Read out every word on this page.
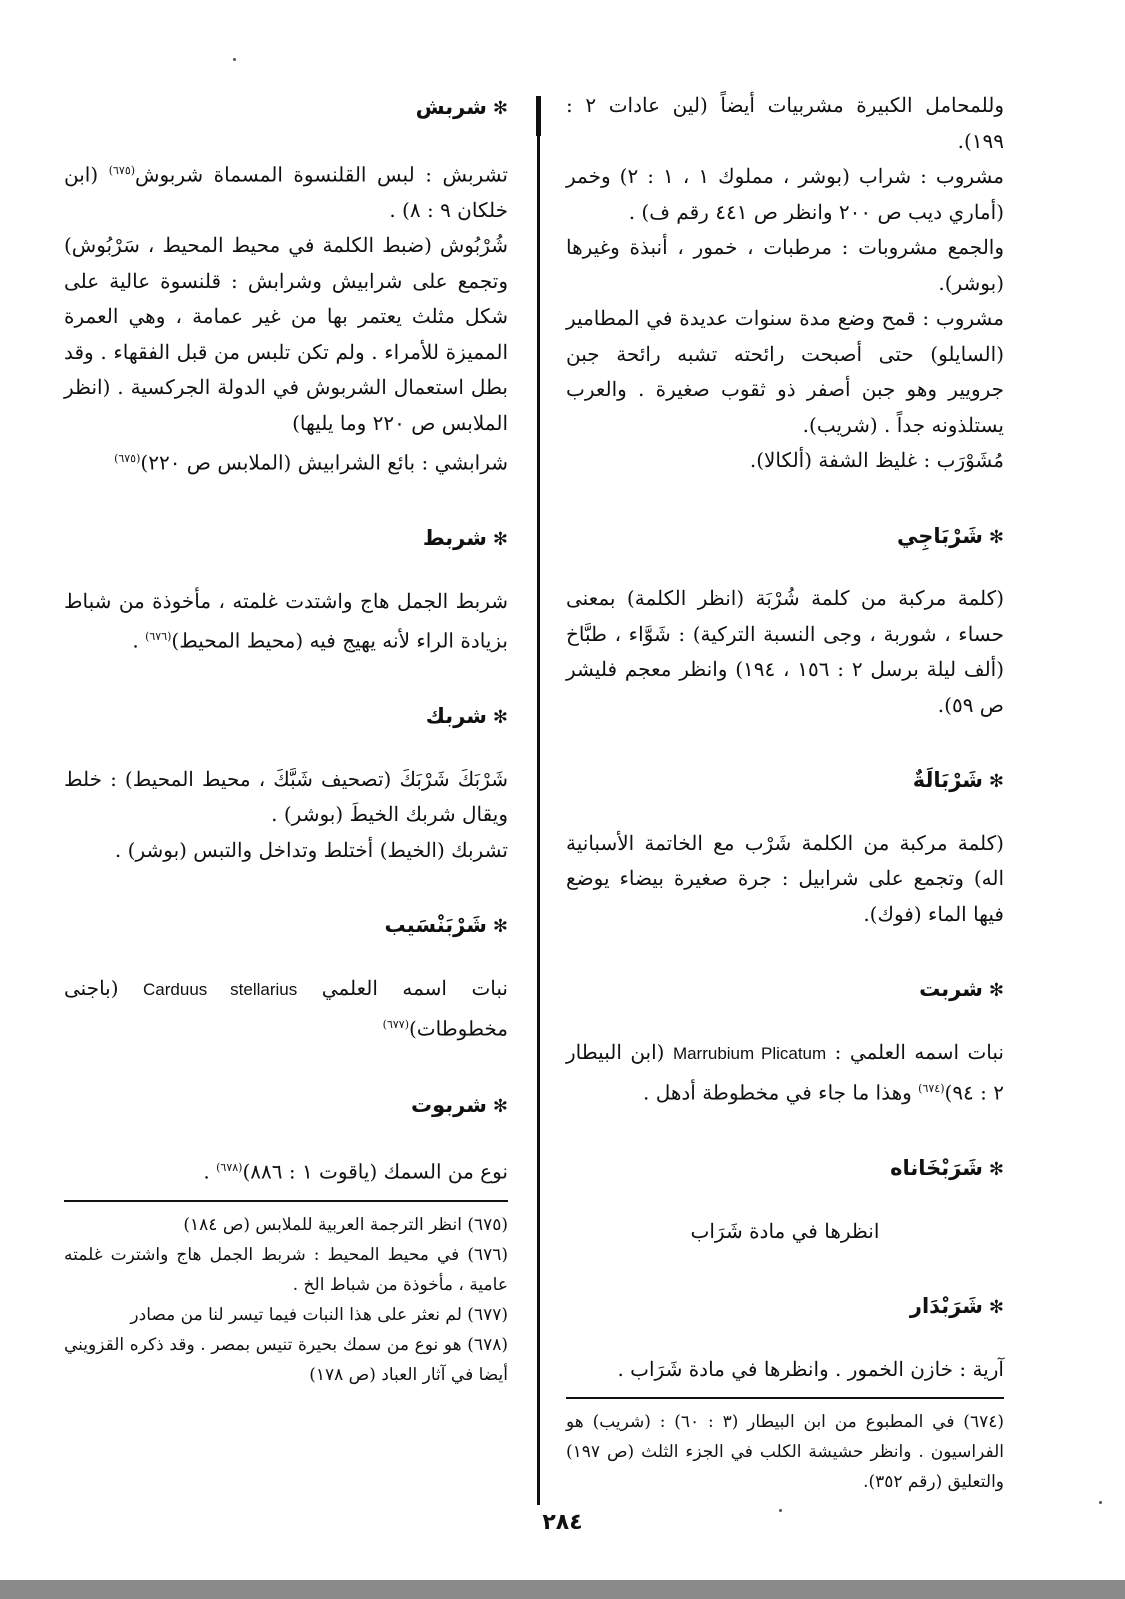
وللمحامل الكبيرة مشربيات أيضاً (لين عادات ٢ : ١٩٩).

مشروب : شراب (بوشر ، مملوك ١ ، ١ : ٢) وخمر (أماري ديب ص ٢٠٠ وانظر ص ٤٤١ رقم ف) .

والجمع مشروبات : مرطبات ، خمور ، أنبذة وغيرها (بوشر).

مشروب : قمح وضع مدة سنوات عديدة في المطامير (السايلو) حتى أصبحت رائحته تشبه رائحة جبن جرويير وهو جبن أصفر ذو ثقوب صغيرة . والعرب يستلذونه جداً . (شريب).

مُشَوْرَب : غليظ الشفة (ألكالا).

✻شَرْبَاجِي

(كلمة مركبة من كلمة شُرْبَة (انظر الكلمة) بمعنى حساء ، شوربة ، وجى النسبة التركية) : شَوَّاء ، طبَّاخ (ألف ليلة برسل ٢ : ١٥٦ ، ١٩٤) وانظر معجم فليشر ص ٥٩).

✻شَرْبَالَةٌ

(كلمة مركبة من الكلمة شَرْب مع الخاتمة الأسبانية اله) وتجمع على شرابيل : جرة صغيرة بيضاء يوضع فيها الماء (فوك).

✻شربت

نبات اسمه العلمي : Marrubium Plicatum (ابن البيطار ٢ : ٩٤)$^{(٦٧٤)}$ وهذا ما جاء في مخطوطة أدهل .

✻شَرَبْخَاناه

انظرها في مادة شَرَاب

✻شَرَبْدَار

آرية : خازن الخمور . وانظرها في مادة شَرَاب .

(٦٧٤) في المطبوع من ابن البيطار (٣ : ٦٠) : (شريب) هو الفراسيون . وانظر حشيشة الكلب في الجزء الثلث (ص ١٩٧) والتعليق (رقم ٣٥٢).

✻شربش

تشربش : لبس القلنسوة المسماة شربوش$^{(٦٧٥)}$ (ابن خلكان ٩ : ٨) .

شُرْبُوش (ضبط الكلمة في محيط المحيط ، سَرْبُوش) وتجمع على شرابيش وشرابش : قلنسوة عالية على شكل مثلث يعتمر بها من غير عمامة ، وهي العمرة المميزة للأمراء . ولم تكن تلبس من قبل الفقهاء . وقد بطل استعمال الشربوش في الدولة الجركسية . (انظر الملابس ص ٢٢٠ وما يليها)

شرابشي : بائع الشرابيش (الملابس ص ٢٢٠)$^{(٦٧٥)}$

✻شربط

شربط الجمل هاج واشتدت غلمته ، مأخوذة من شباط بزيادة الراء لأنه يهيج فيه (محيط المحيط)$^{(٦٧٦)}$ .

✻شربك

شَرْبَكَ شَرْبَكَ (تصحيف شَبَّكَ ، محيط المحيط) : خلط ويقال شربك الخيطَ (بوشر) .

تشربك (الخيط) أختلط وتداخل والتبس (بوشر) .

✻شَرْبَنْسَيب

نبات اسمه العلمي Carduus stellarius (باجنى مخطوطات)$^{(٦٧٧)}$

✻شربوت

نوع من السمك (ياقوت ١ : ٨٨٦)$^{(٦٧٨)}$ .

(٦٧٥) انظر الترجمة العربية للملابس (ص ١٨٤)

(٦٧٦) في محيط المحيط : شربط الجمل هاج واشترت غلمته عامية ، مأخوذة من شباط الخ .

(٦٧٧) لم نعثر على هذا النبات فيما تيسر لنا من مصادر

(٦٧٨) هو نوع من سمك بحيرة تنيس بمصر . وقد ذكره القزويني أيضا في آثار العباد (ص ١٧٨)

٢٨٤
